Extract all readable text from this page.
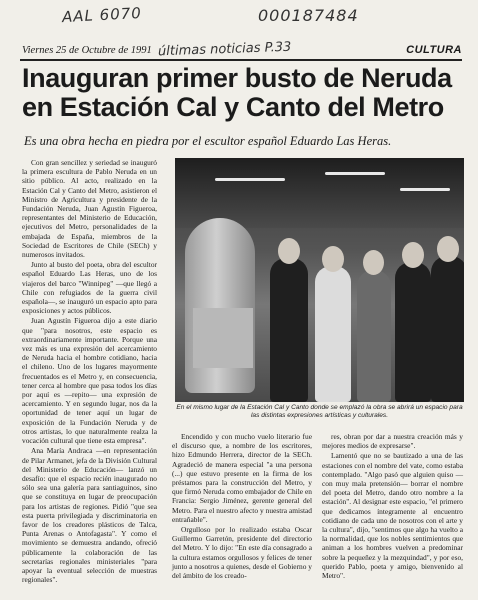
AAL 6070	000187484
últimas noticias P.33
Viernes 25 de Octubre de 1991	CULTURA
Inauguran primer busto de Neruda en Estación Cal y Canto del Metro
Es una obra hecha en piedra por el escultor español Eduardo Las Heras.

Con gran sencillez y seriedad se inauguró la primera escultura de Pablo Neruda en un sitio público. Al acto, realizado en la Estación Cal y Canto del Metro, asistieron el Ministro de Agricultura y presidente de la Fundación Neruda, Juan Agustín Figueroa, representantes del Ministerio de Educación, ejecutivos del Metro, personalidades de la embajada de España, miembros de la Sociedad de Escritores de Chile (SECh) y numerosos invitados.

Junto al busto del poeta, obra del escultor español Eduardo Las Heras, uno de los viajeros del barco "Winnipeg" —que llegó a Chile con refugiados de la guerra civil española—, se inauguró un espacio apto para exposiciones y actos públicos.

Juan Agustín Figueroa dijo a este diario que "para nosotros, este espacio es extraordinariamente importante. Porque una vez más es una expresión del acercamiento de Neruda hacia el hombre cotidiano, hacia el chileno. Uno de los lugares mayormente frecuentados es el Metro y, en consecuencia, tener cerca al hombre que pasa todos los días por aquí es —repito— una expresión de acercamiento. Y en segundo lugar, nos da la oportunidad de tener aquí un lugar de exposición de la Fundación Neruda y de otros artistas, lo que naturalmente realza la vocación cultural que tiene esta empresa".

Ana María Andraca —en representación de Pilar Armanet, jefa de la División Cultural del Ministerio de Educación— lanzó un desafío: que el espacio recién inaugurado no sólo sea una galería para santiaguinos, sino que se constituya en lugar de preocupación para los artistas de regiones. Pidió "que sea esta puerta privilegiada y discriminatoria en favor de los creadores plásticos de Talca, Punta Arenas o Antofagasta". Y como el movimiento se demuestra andando, ofreció públicamente la colaboración de las secretarías regionales ministeriales "para apoyar la eventual selección de muestras regionales".

En el mismo lugar de la Estación Cal y Canto donde se emplazó la obra se abrirá un espacio para las distintas expresiones artísticas y culturales.

Encendido y con mucho vuelo literario fue el discurso que, a nombre de los escritores, hizo Edmundo Herrera, director de la SECh. Agradeció de manera especial "a una persona (...) que estuvo presente en la firma de los préstamos para la construcción del Metro, y que firmó Neruda como embajador de Chile en Francia: Sergio Jiménez, gerente general del Metro. Para el nuestro afecto y nuestra amistad entrañable".

Orgulloso por lo realizado estaba Oscar Guillermo Garretón, presidente del directorio del Metro. Y lo dijo: "En este día consagrado a la cultura estamos orgullosos y felices de tener junto a nosotros a quienes, desde el Gobierno y del ámbito de los creado-

res, obran por dar a nuestra creación más y mejores medios de expresarse".

Lamentó que no se bautizado a una de las estaciones con el nombre del vate, como estaba contemplado. "Algo pasó que alguien quiso —con muy mala pretensión— borrar el nombre del poeta del Metro, dando otro nombre a la estación". Al designar este espacio, "el primero que dedicamos íntegramente al encuentro cotidiano de cada uno de nosotros con el arte y la cultura", dijo, "sentimos que algo ha vuelto a la normalidad, que los nobles sentimientos que animan a los hombres vuelven a predominar sobre la pequeñez y la mezquindad", y por eso, querido Pablo, poeta y amigo, bienvenido al Metro".
